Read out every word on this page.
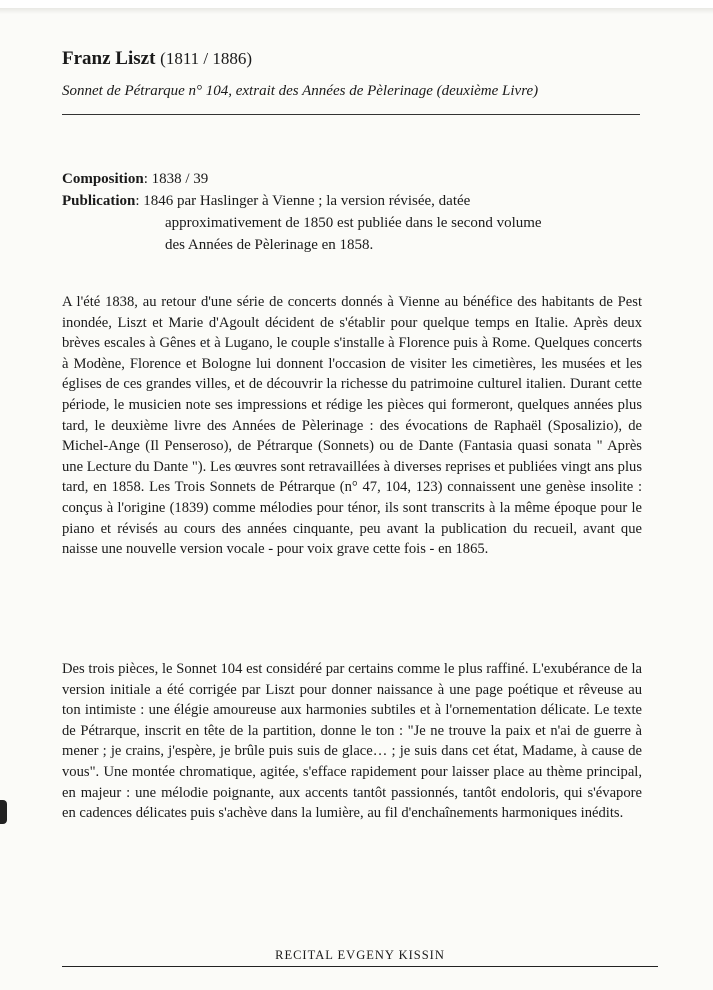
Franz Liszt (1811 / 1886)
Sonnet de Pétrarque n° 104, extrait des Années de Pèlerinage (deuxième Livre)
Composition : 1838 / 39
Publication : 1846 par Haslinger à Vienne ; la version révisée, datée
approximativement de 1850 est publiée dans le second volume
des Années de Pèlerinage en 1858.
A l'été 1838, au retour d'une série de concerts donnés à Vienne au bénéfice des habitants de Pest inondée, Liszt et Marie d'Agoult décident de s'établir pour quelque temps en Italie. Après deux brèves escales à Gênes et à Lugano, le couple s'installe à Florence puis à Rome. Quelques concerts à Modène, Florence et Bologne lui donnent l'occasion de visiter les cimetières, les musées et les églises de ces grandes villes, et de découvrir la richesse du patrimoine culturel italien. Durant cette période, le musicien note ses impressions et rédige les pièces qui formeront, quelques années plus tard, le deuxième livre des Années de Pèlerinage : des évocations de Raphaël (Sposalizio), de Michel-Ange (Il Penseroso), de Pétrarque (Sonnets) ou de Dante (Fantasia quasi sonata " Après une Lecture du Dante "). Les œuvres sont retravaillées à diverses reprises et publiées vingt ans plus tard, en 1858. Les Trois Sonnets de Pétrarque (n° 47, 104, 123) connaissent une genèse insolite : conçus à l'origine (1839) comme mélodies pour ténor, ils sont transcrits à la même époque pour le piano et révisés au cours des années cinquante, peu avant la publication du recueil, avant que naisse une nouvelle version vocale - pour voix grave cette fois - en 1865.
Des trois pièces, le Sonnet 104 est considéré par certains comme le plus raffiné. L'exubérance de la version initiale a été corrigée par Liszt pour donner naissance à une page poétique et rêveuse au ton intimiste : une élégie amoureuse aux harmonies subtiles et à l'ornementation délicate. Le texte de Pétrarque, inscrit en tête de la partition, donne le ton : "Je ne trouve la paix et n'ai de guerre à mener ; je crains, j'espère, je brûle puis suis de glace… ; je suis dans cet état, Madame, à cause de vous". Une montée chromatique, agitée, s'efface rapidement pour laisser place au thème principal, en majeur : une mélodie poignante, aux accents tantôt passionnés, tantôt endoloris, qui s'évapore en cadences délicates puis s'achève dans la lumière, au fil d'enchaînements harmoniques inédits.
RECITAL EVGENY KISSIN
